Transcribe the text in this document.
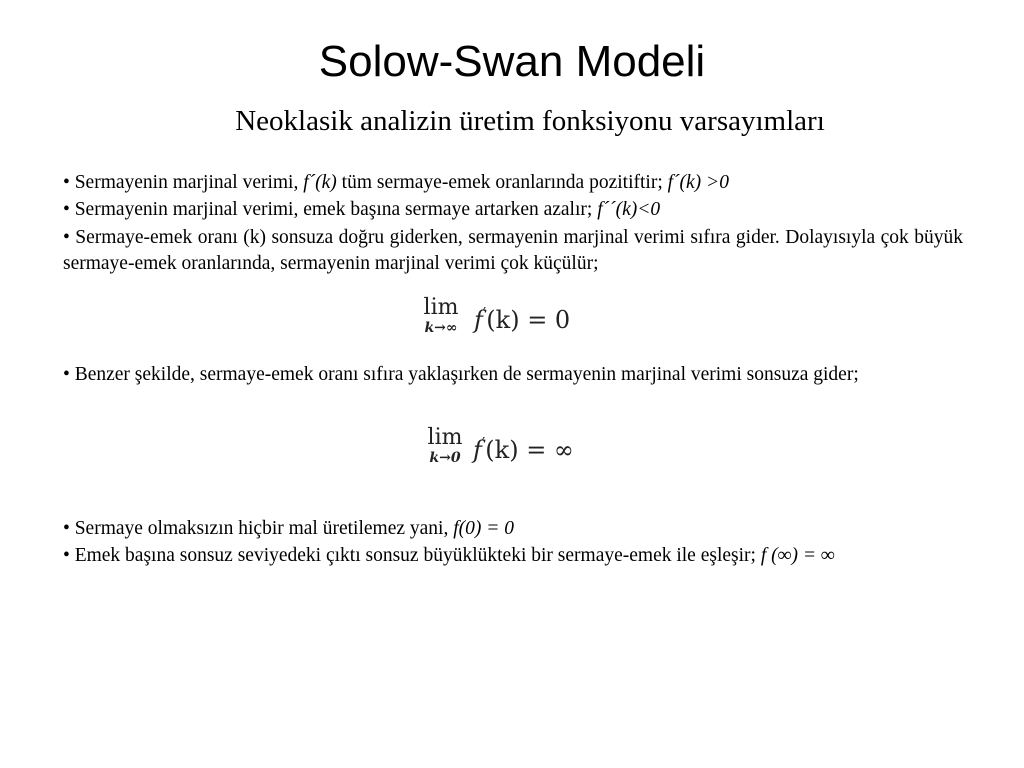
Solow-Swan Modeli
Neoklasik analizin üretim fonksiyonu varsayımları

• Sermayenin marjinal verimi, f´(k) tüm sermaye-emek oranlarında pozitiftir; f´(k) >0

• Sermayenin marjinal verimi, emek başına sermaye artarken azalır; f´´(k)<0

• Sermaye-emek oranı (k) sonsuza doğru giderken, sermayenin marjinal verimi sıfıra gider. Dolayısıyla çok büyük sermaye-emek oranlarında, sermayenin marjinal verimi çok küçülür;

lim
k→∞ f′(k) = 0

• Benzer şekilde, sermaye-emek oranı sıfıra yaklaşırken de sermayenin marjinal verimi sonsuza gider;

lim
k→0 f′(k) = ∞

• Sermaye olmaksızın hiçbir mal üretilemez yani, f(0) = 0

• Emek başına sonsuz seviyedeki çıktı sonsuz büyüklükteki bir sermaye-emek ile eşleşir; f (∞) = ∞
